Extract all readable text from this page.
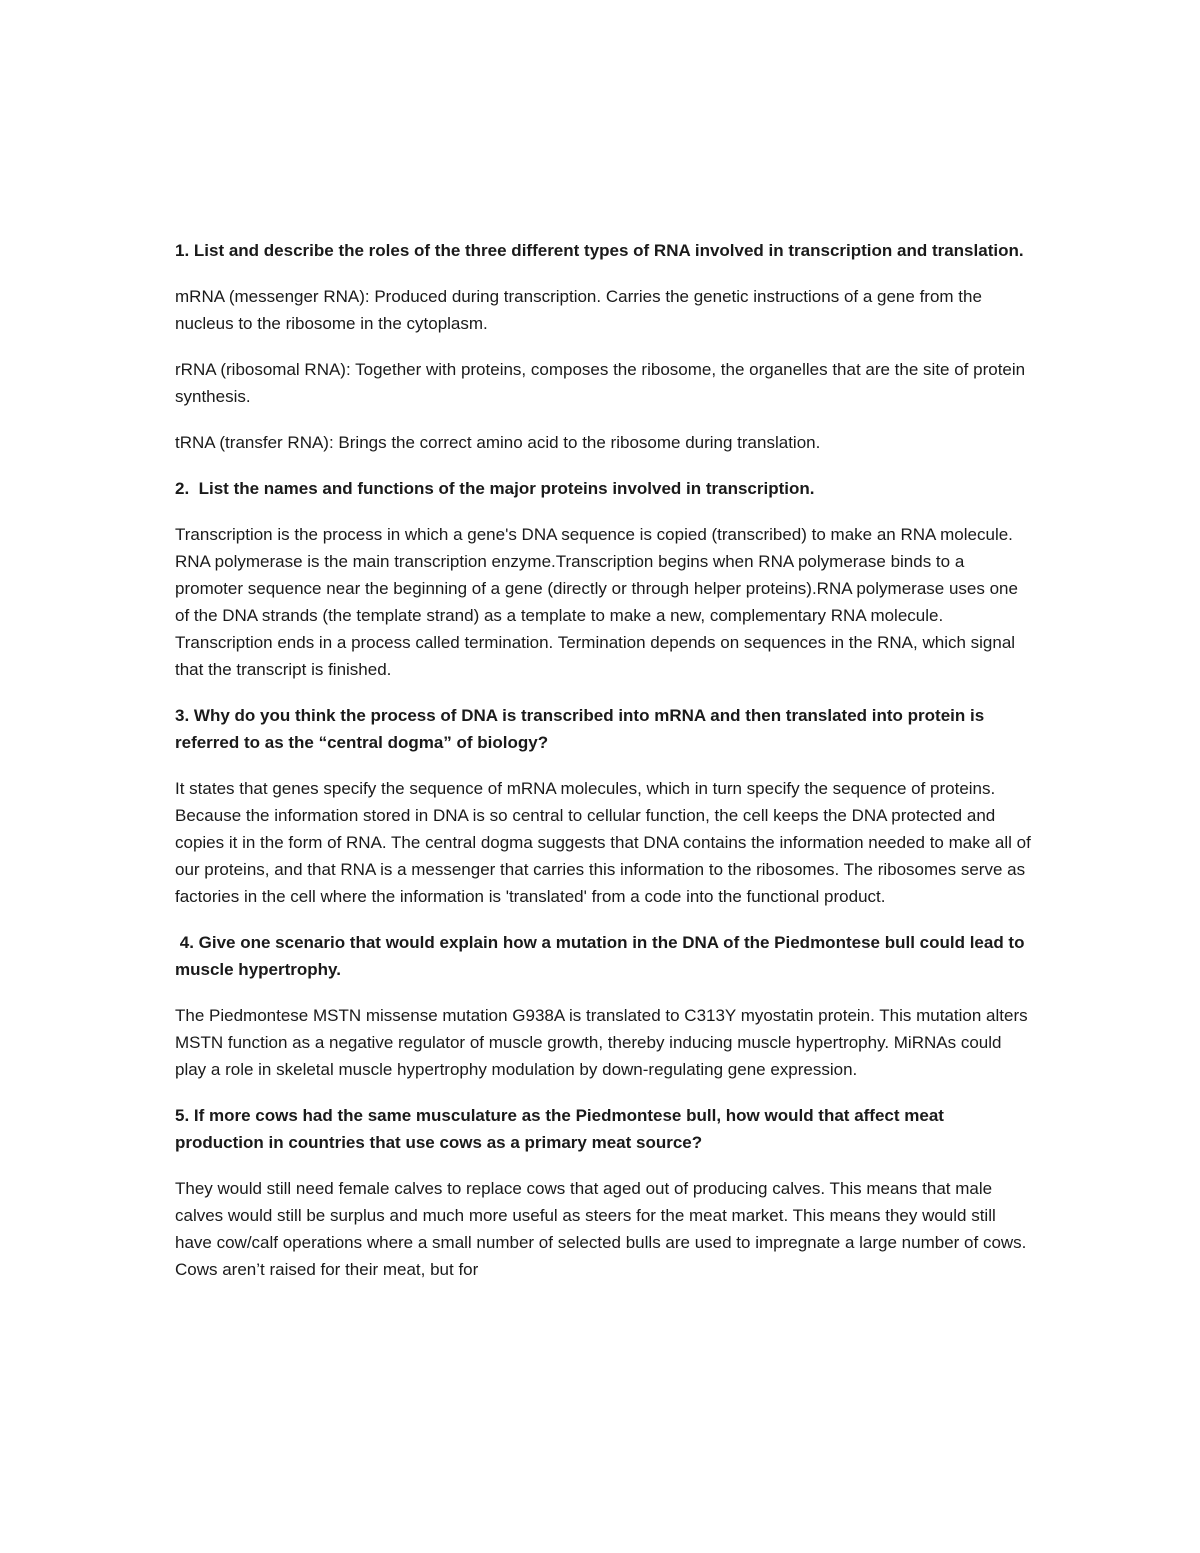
1. List and describe the roles of the three different types of RNA involved in transcription and translation.

mRNA (messenger RNA): Produced during transcription. Carries the genetic instructions of a gene from the nucleus to the ribosome in the cytoplasm.

rRNA (ribosomal RNA): Together with proteins, composes the ribosome, the organelles that are the site of protein synthesis.

tRNA (transfer RNA): Brings the correct amino acid to the ribosome during translation.

2.  List the names and functions of the major proteins involved in transcription.

Transcription is the process in which a gene's DNA sequence is copied (transcribed) to make an RNA molecule. RNA polymerase is the main transcription enzyme.Transcription begins when RNA polymerase binds to a promoter sequence near the beginning of a gene (directly or through helper proteins).RNA polymerase uses one of the DNA strands (the template strand) as a template to make a new, complementary RNA molecule. Transcription ends in a process called termination. Termination depends on sequences in the RNA, which signal that the transcript is finished.

3. Why do you think the process of DNA is transcribed into mRNA and then translated into protein is referred to as the “central dogma” of biology?

It states that genes specify the sequence of mRNA molecules, which in turn specify the sequence of proteins. Because the information stored in DNA is so central to cellular function, the cell keeps the DNA protected and copies it in the form of RNA. The central dogma suggests that DNA contains the information needed to make all of our proteins, and that RNA is a messenger that carries this information to the ribosomes. The ribosomes serve as factories in the cell where the information is 'translated' from a code into the functional product.

4. Give one scenario that would explain how a mutation in the DNA of the Piedmontese bull could lead to muscle hypertrophy.

The Piedmontese MSTN missense mutation G938A is translated to C313Y myostatin protein. This mutation alters MSTN function as a negative regulator of muscle growth, thereby inducing muscle hypertrophy. MiRNAs could play a role in skeletal muscle hypertrophy modulation by down-regulating gene expression.

5. If more cows had the same musculature as the Piedmontese bull, how would that affect meat production in countries that use cows as a primary meat source?

They would still need female calves to replace cows that aged out of producing calves. This means that male calves would still be surplus and much more useful as steers for the meat market. This means they would still have cow/calf operations where a small number of selected bulls are used to impregnate a large number of cows. Cows aren’t raised for their meat, but for
